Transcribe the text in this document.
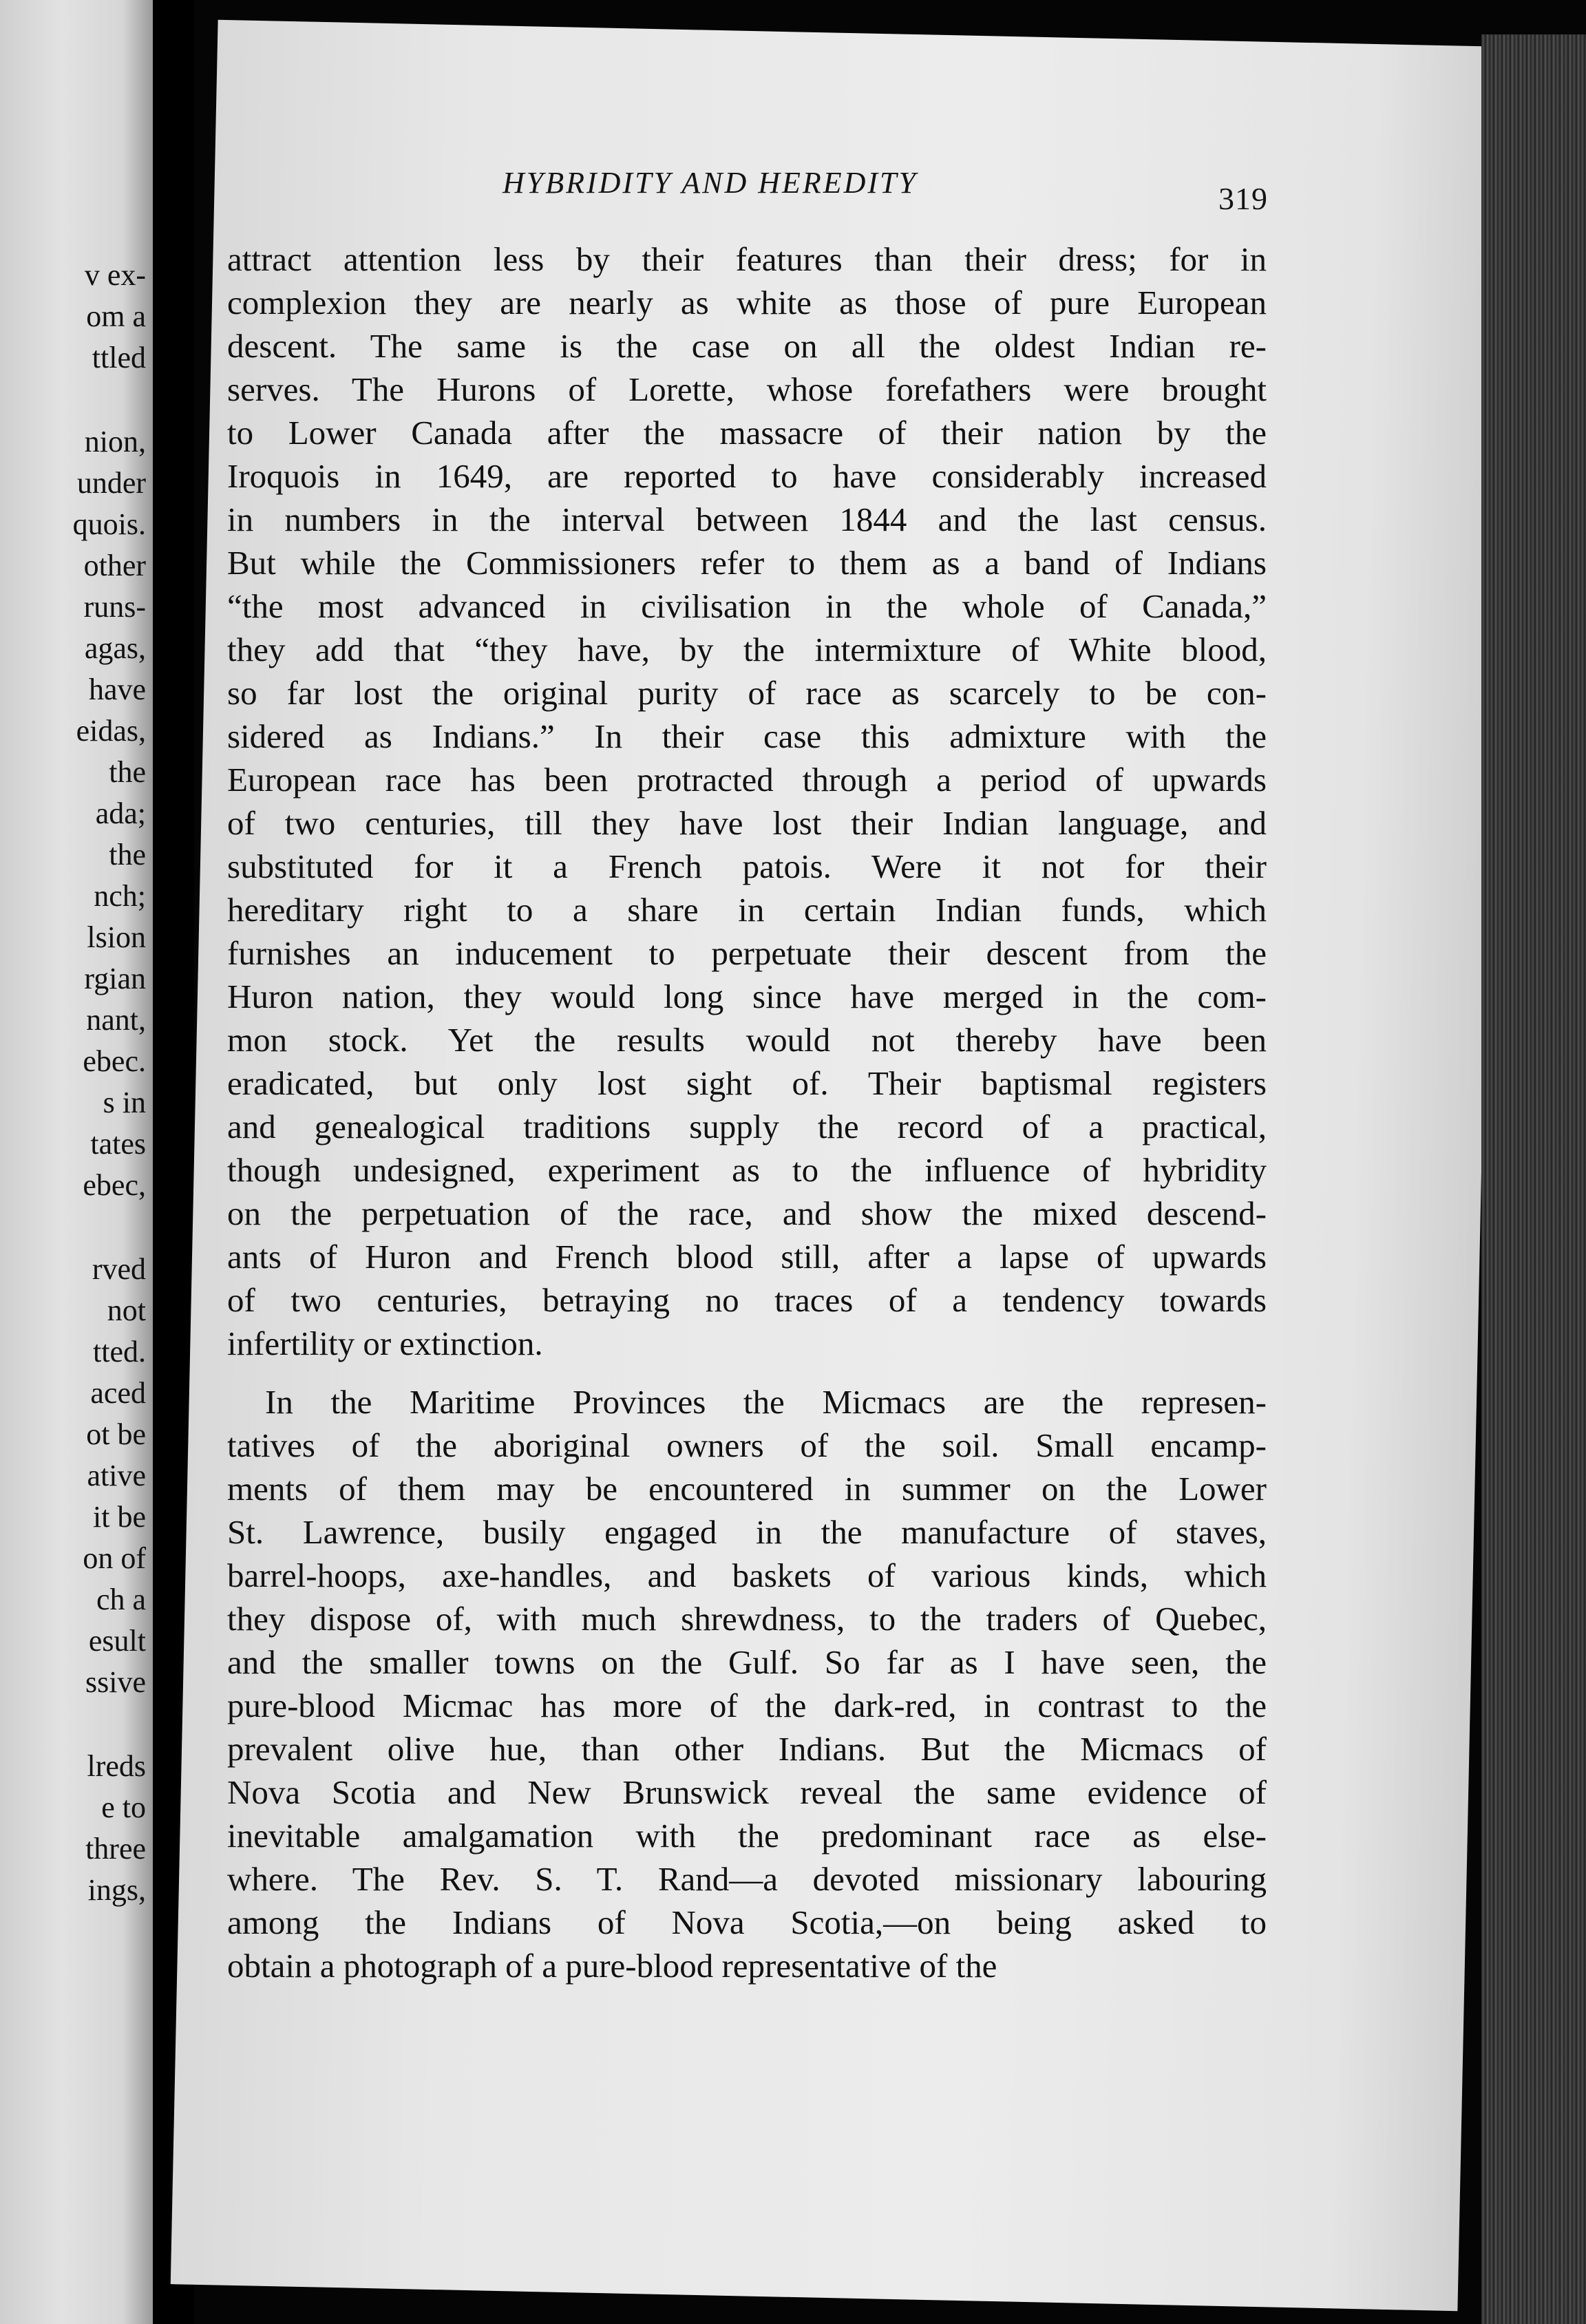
v ex-
om a
ttled
nion,
under
quois.
other
runs-
agas,
have
eidas,
the
ada;
the
nch;
lsion
rgian
nant,
ebec.
s in
tates
ebec,
rved
not
tted.
aced
ot be
ative
it be
on of
ch a
esult
ssive
lreds
e to
three
ings,
HYBRIDITY AND HEREDITY	319
attract attention less by their features than their dress; for in
complexion they are nearly as white as those of pure European
descent. The same is the case on all the oldest Indian re-
serves. The Hurons of Lorette, whose forefathers were brought
to Lower Canada after the massacre of their nation by the
Iroquois in 1649, are reported to have considerably increased
in numbers in the interval between 1844 and the last census.
But while the Commissioners refer to them as a band of Indians
“the most advanced in civilisation in the whole of Canada,”
they add that “they have, by the intermixture of White blood,
so far lost the original purity of race as scarcely to be con-
sidered as Indians.” In their case this admixture with the
European race has been protracted through a period of upwards
of two centuries, till they have lost their Indian language, and
substituted for it a French patois. Were it not for their
hereditary right to a share in certain Indian funds, which
furnishes an inducement to perpetuate their descent from the
Huron nation, they would long since have merged in the com-
mon stock. Yet the results would not thereby have been
eradicated, but only lost sight of. Their baptismal registers
and genealogical traditions supply the record of a practical,
though undesigned, experiment as to the influence of hybridity
on the perpetuation of the race, and show the mixed descend-
ants of Huron and French blood still, after a lapse of upwards
of two centuries, betraying no traces of a tendency towards
infertility or extinction.
In the Maritime Provinces the Micmacs are the represen-
tatives of the aboriginal owners of the soil. Small encamp-
ments of them may be encountered in summer on the Lower
St. Lawrence, busily engaged in the manufacture of staves,
barrel-hoops, axe-handles, and baskets of various kinds, which
they dispose of, with much shrewdness, to the traders of Quebec,
and the smaller towns on the Gulf. So far as I have seen, the
pure-blood Micmac has more of the dark-red, in contrast to the
prevalent olive hue, than other Indians. But the Micmacs of
Nova Scotia and New Brunswick reveal the same evidence of
inevitable amalgamation with the predominant race as else-
where. The Rev. S. T. Rand—a devoted missionary labouring
among the Indians of Nova Scotia,—on being asked to
obtain a photograph of a pure-blood representative of the
